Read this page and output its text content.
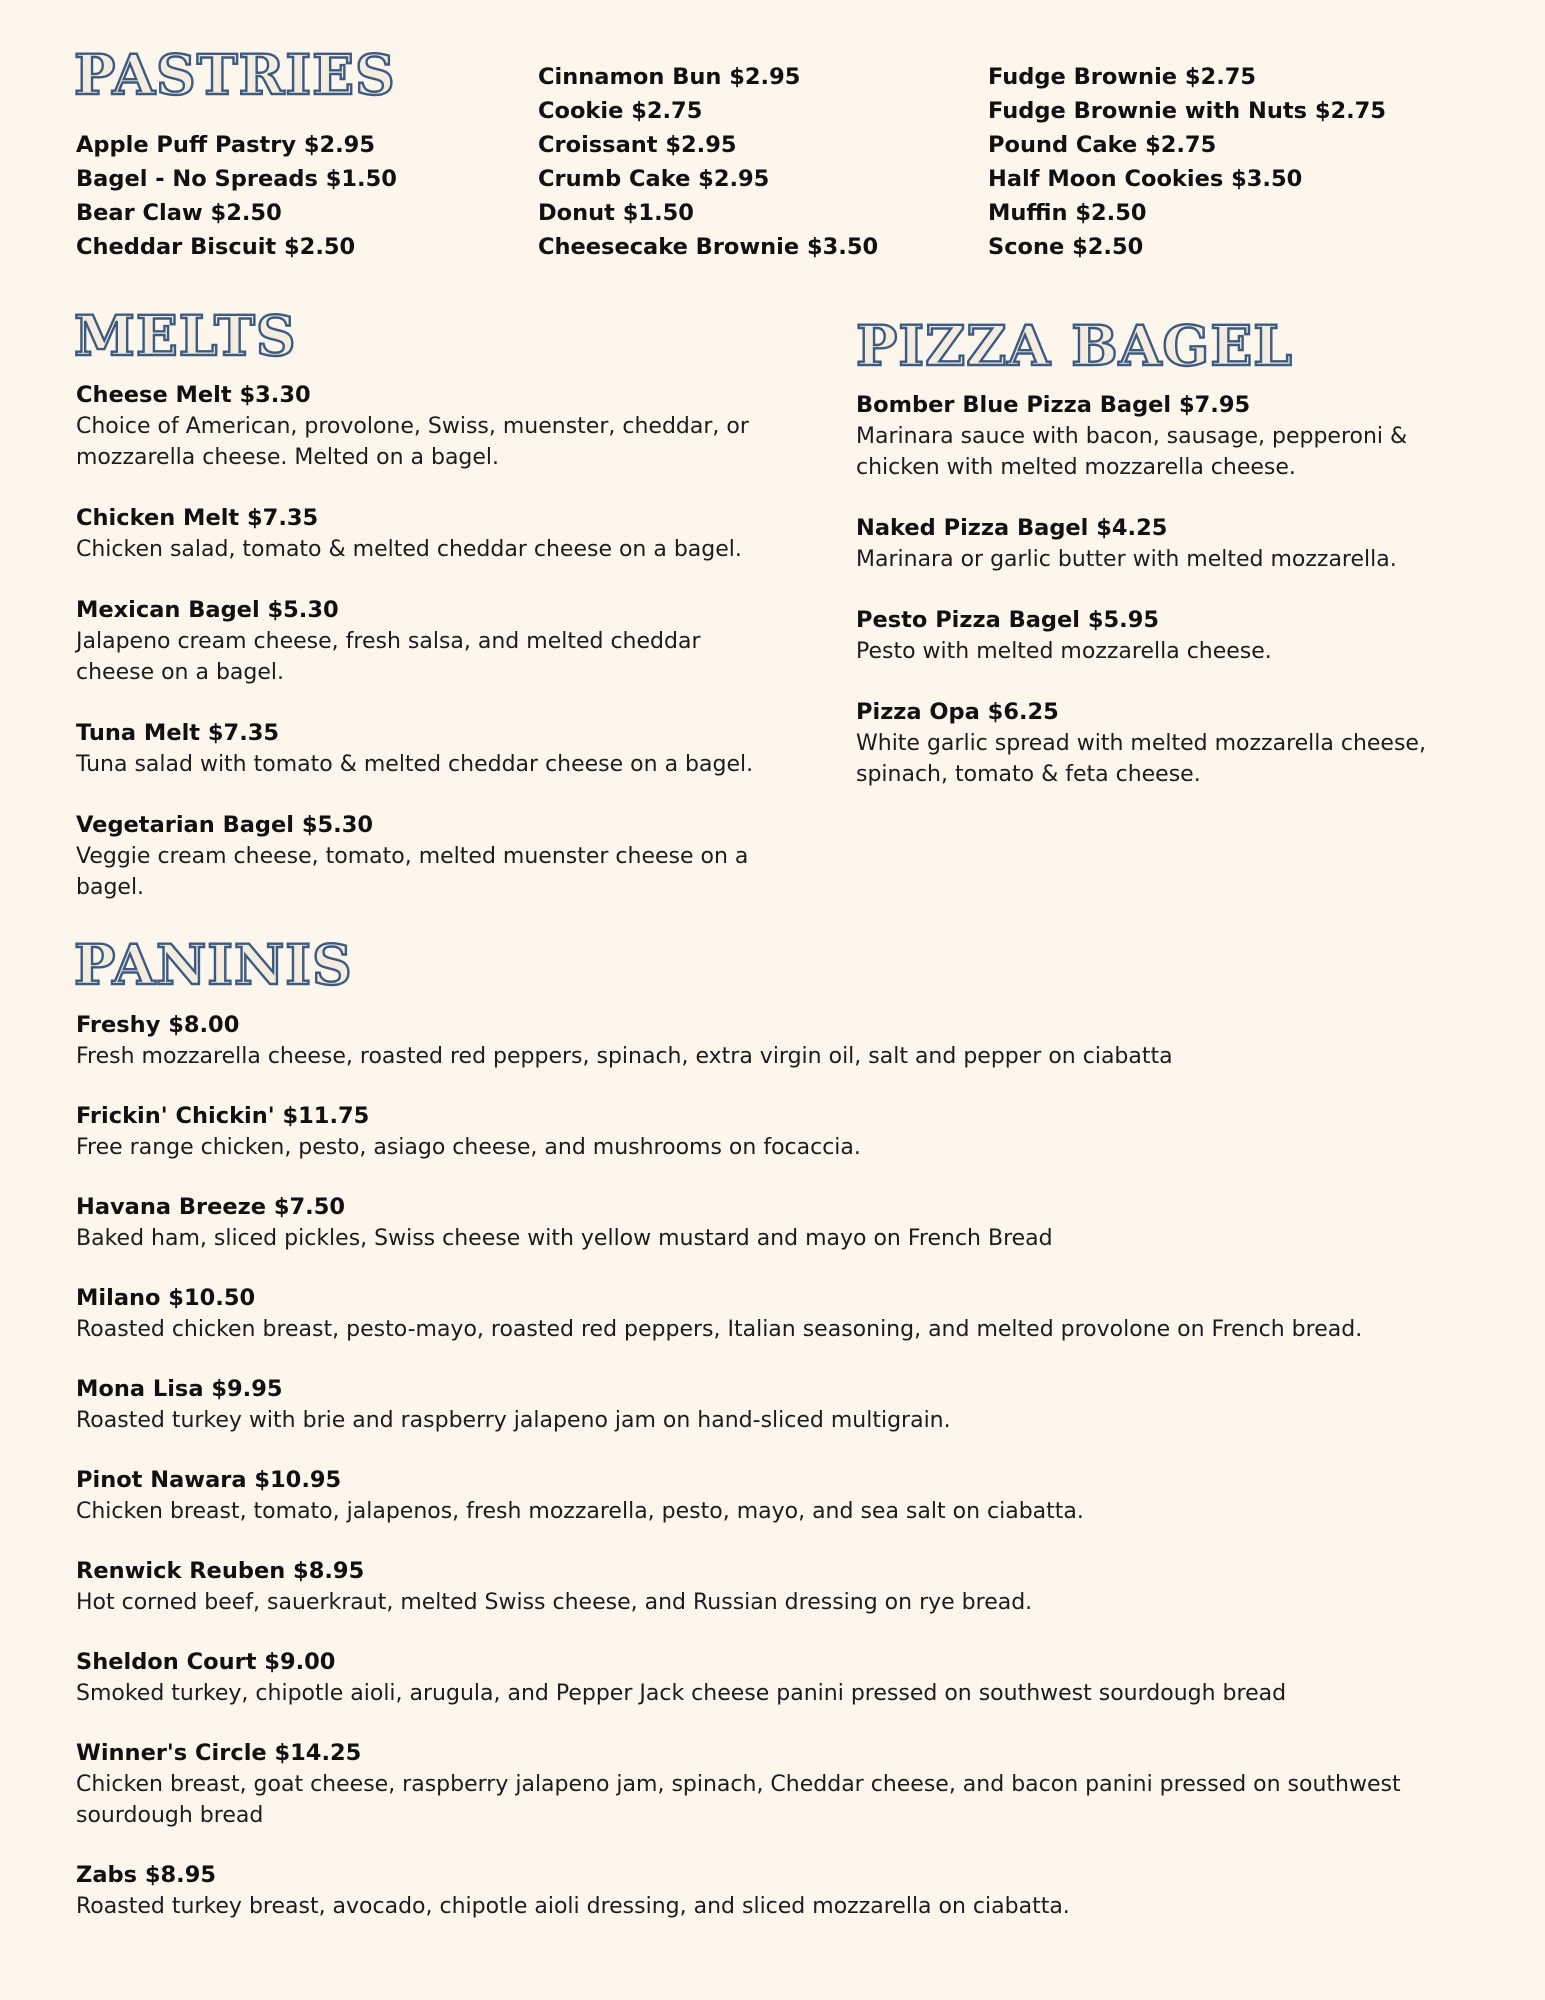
PASTRIES
Apple Puff Pastry $2.95
Bagel - No Spreads $1.50
Bear Claw $2.50
Cheddar Biscuit $2.50
Cinnamon Bun $2.95
Cookie $2.75
Croissant $2.95
Crumb Cake $2.95
Donut $1.50
Cheesecake Brownie $3.50
Fudge Brownie $2.75
Fudge Brownie with Nuts $2.75
Pound Cake $2.75
Half Moon Cookies $3.50
Muffin $2.50
Scone $2.50
MELTS
Cheese Melt $3.30
Choice of American, provolone, Swiss, muenster, cheddar, or mozzarella cheese. Melted on a bagel.
Chicken Melt $7.35
Chicken salad, tomato & melted cheddar cheese on a bagel.
Mexican Bagel $5.30
Jalapeno cream cheese, fresh salsa, and melted cheddar cheese on a bagel.
Tuna Melt $7.35
Tuna salad with tomato & melted cheddar cheese on a bagel.
Vegetarian Bagel $5.30
Veggie cream cheese, tomato, melted muenster cheese on a bagel.
PIZZA BAGEL
Bomber Blue Pizza Bagel $7.95
Marinara sauce with bacon, sausage, pepperoni & chicken with melted mozzarella cheese.
Naked Pizza Bagel $4.25
Marinara or garlic butter with melted mozzarella.
Pesto Pizza Bagel $5.95
Pesto with melted mozzarella cheese.
Pizza Opa $6.25
White garlic spread with melted mozzarella cheese, spinach, tomato & feta cheese.
PANINIS
Freshy $8.00
Fresh mozzarella cheese, roasted red peppers, spinach, extra virgin oil, salt and pepper on ciabatta
Frickin' Chickin' $11.75
Free range chicken, pesto, asiago cheese, and mushrooms on focaccia.
Havana Breeze $7.50
Baked ham, sliced pickles, Swiss cheese with yellow mustard and mayo on French Bread
Milano $10.50
Roasted chicken breast, pesto-mayo, roasted red peppers, Italian seasoning, and melted provolone on French bread.
Mona Lisa $9.95
Roasted turkey with brie and raspberry jalapeno jam on hand-sliced multigrain.
Pinot Nawara $10.95
Chicken breast, tomato, jalapenos, fresh mozzarella, pesto, mayo, and sea salt on ciabatta.
Renwick Reuben $8.95
Hot corned beef, sauerkraut, melted Swiss cheese, and Russian dressing on rye bread.
Sheldon Court $9.00
Smoked turkey, chipotle aioli, arugula, and Pepper Jack cheese panini pressed on southwest sourdough bread
Winner's Circle $14.25
Chicken breast, goat cheese, raspberry jalapeno jam, spinach, Cheddar cheese, and bacon panini pressed on southwest sourdough bread
Zabs $8.95
Roasted turkey breast, avocado, chipotle aioli dressing, and sliced mozzarella on ciabatta.
